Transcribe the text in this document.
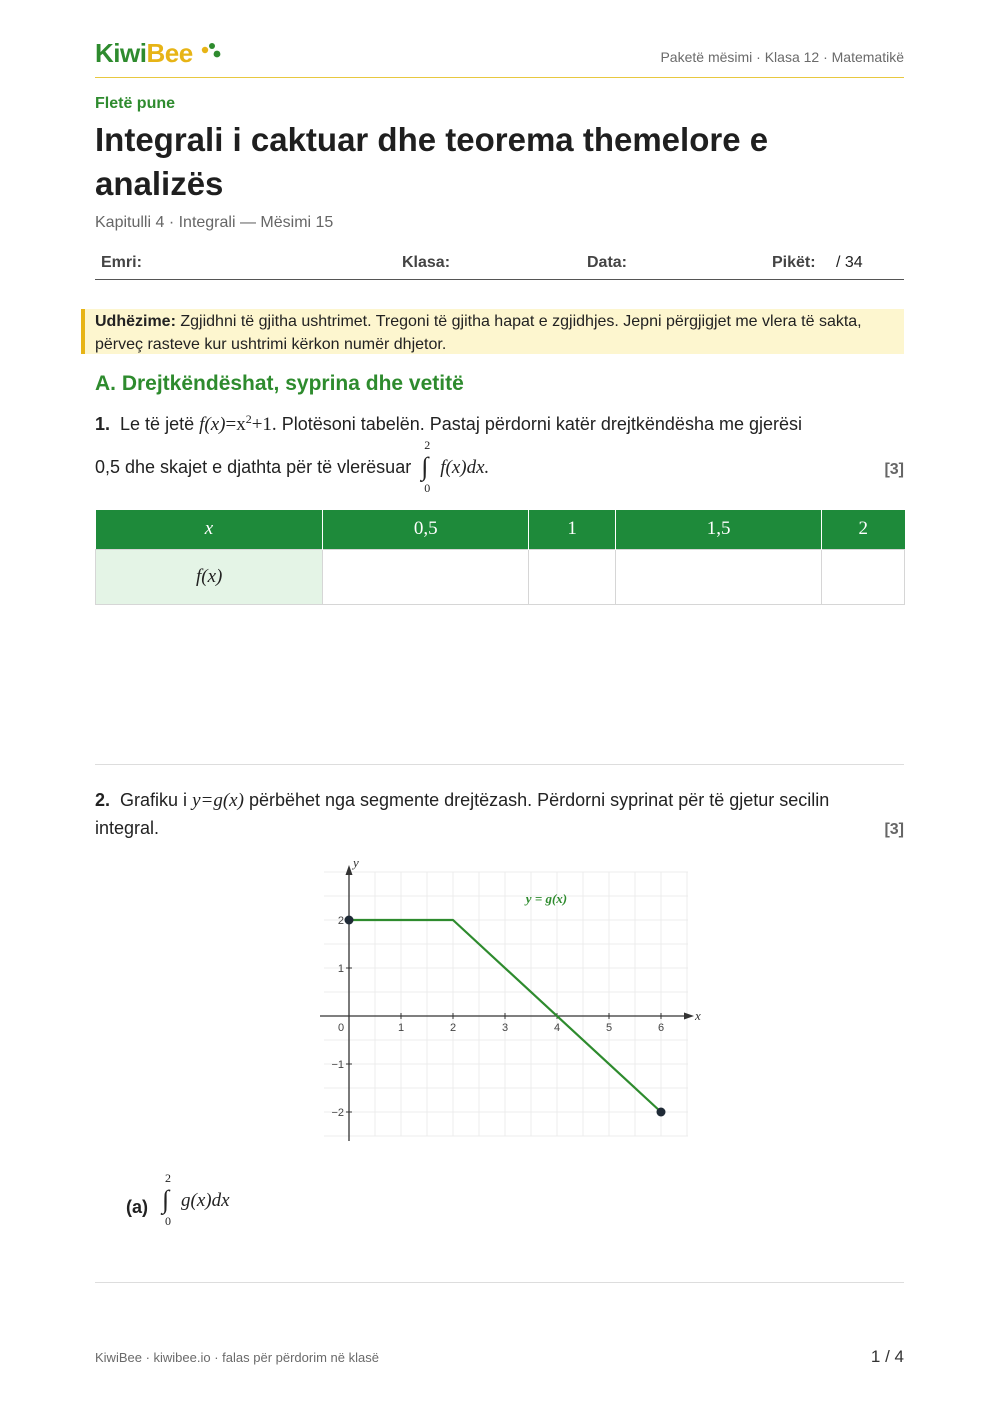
KiwiBee	Paketë mësimi · Klasa 12 · Matematikë
Fletë pune
Integrali i caktuar dhe teorema themelore e analizës
Kapitulli 4 · Integrali — Mësimi 15
Emri:	Klasa:	Data:	Pikët: / 34
Udhëzime: Zgjidhni të gjitha ushtrimet. Tregoni të gjitha hapat e zgjidhjes. Jepni përgjigjet me vlera të sakta, përveç rasteve kur ushtrimi kërkon numër dhjetor.
A. Drejtkëndëshat, syprina dhe vetitë
1. Le të jetë $f(x)=x^2+1$. Plotësoni tabelën. Pastaj përdorni katër drejtkëndësha me gjerësi
0,5 dhe skajet e djathta për të vlerësuar
2
∫
0
f(x)dx.	[3]
x	0,5	1	1,5	2
f(x)				
2. Grafiku i y=g(x) përbëhet nga segmente drejtëzash. Përdorni syprinat për të gjetur secilin
integral.	[3]
x
y
0	1	2	3	4	5	6
−2
−1
1
2
y = g(x)
(a)
2
∫
0
g(x)dx
KiwiBee · kiwibee.io · falas për përdorim në klasë	1 / 4
